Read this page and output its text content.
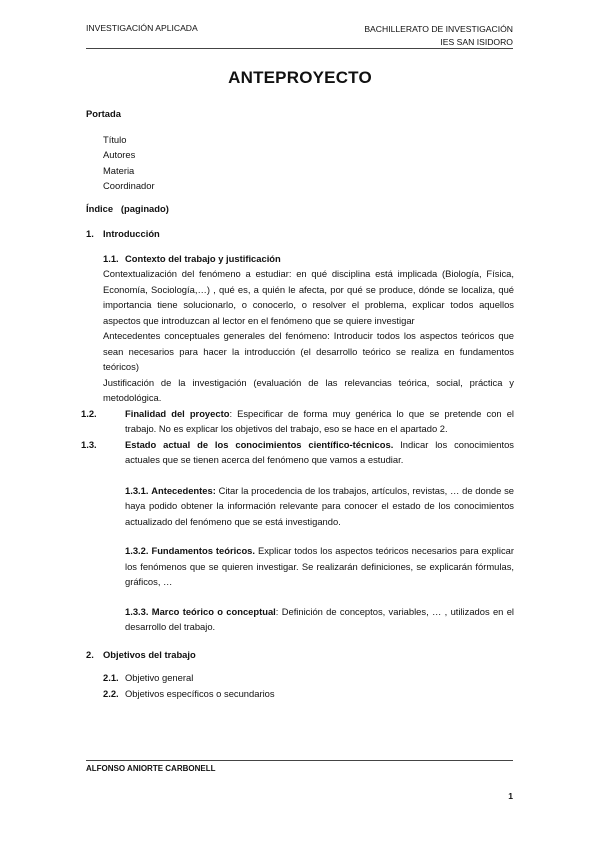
INVESTIGACIÓN APLICADA	BACHILLERATO DE INVESTIGACIÓN
IES SAN ISIDORO
ANTEPROYECTO
Portada
Título
Autores
Materia
Coordinador
Índice (paginado)
1. Introducción
1.1. Contexto del trabajo y justificación
Contextualización del fenómeno a estudiar: en qué disciplina está implicada (Biología, Física, Economía, Sociología,…) , qué es, a quién le afecta, por qué se produce, dónde se localiza, qué importancia tiene solucionarlo, o conocerlo, o resolver el problema, explicar todos aquellos aspectos que introduzcan al lector en el fenómeno que se quiere investigar
Antecedentes conceptuales generales del fenómeno: Introducir todos los aspectos teóricos que sean necesarios para hacer la introducción (el desarrollo teórico se realiza en fundamentos teóricos)
Justificación de la investigación (evaluación de las relevancias teórica, social, práctica y metodológica.
1.2.	Finalidad del proyecto: Especificar de forma muy genérica lo que se pretende con el trabajo. No es explicar los objetivos del trabajo, eso se hace en el apartado 2.
1.3.	Estado actual de los conocimientos científico-técnicos. Indicar los conocimientos actuales que se tienen acerca del fenómeno que vamos a estudiar.
1.3.1. Antecedentes: Citar la procedencia de los trabajos, artículos, revistas, … de donde se haya podido obtener la información relevante para conocer el estado de los conocimientos actualizado del fenómeno que se está investigando.
1.3.2. Fundamentos teóricos. Explicar todos los aspectos teóricos necesarios para explicar los fenómenos que se quieren investigar. Se realizarán definiciones, se explicarán fórmulas, gráficos, …
1.3.3. Marco teórico o conceptual: Definición de conceptos, variables, … , utilizados en el desarrollo del trabajo.
2. Objetivos del trabajo
2.1. Objetivo general
2.2. Objetivos específicos o secundarios
ALFONSO ANIORTE CARBONELL
1
